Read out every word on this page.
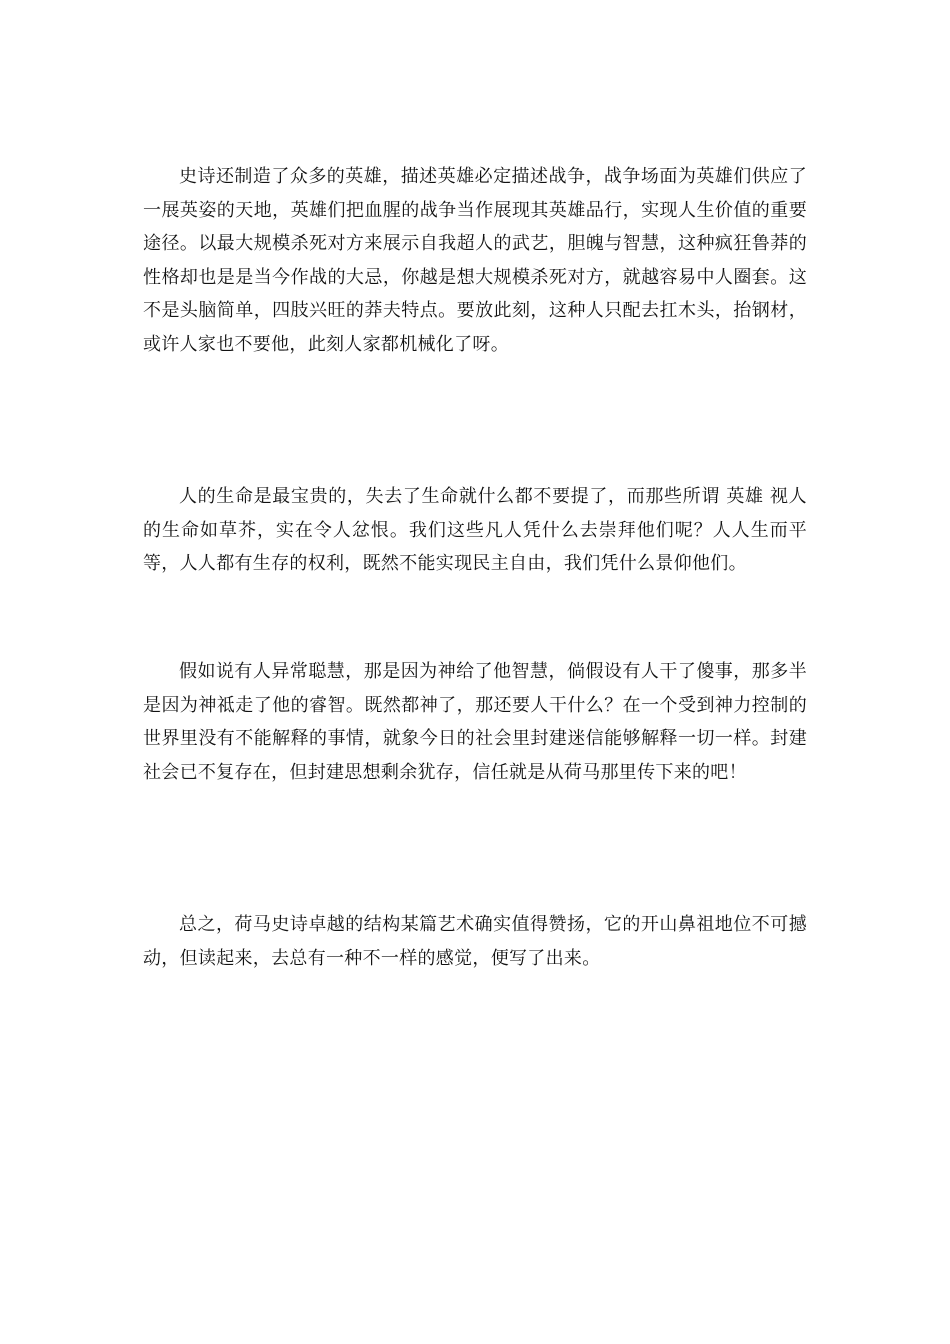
史诗还制造了众多的英雄，描述英雄必定描述战争，战争场面为英雄们供应了一展英姿的天地，英雄们把血腥的战争当作展现其英雄品行，实现人生价值的重要途径。以最大规模杀死对方来展示自我超人的武艺，胆魄与智慧，这种疯狂鲁莽的性格却也是是当今作战的大忌，你越是想大规模杀死对方，就越容易中人圈套。这不是头脑简单，四肢兴旺的莽夫特点。要放此刻，这种人只配去扛木头，抬钢材，或许人家也不要他，此刻人家都机械化了呀。

人的生命是最宝贵的，失去了生命就什么都不要提了，而那些所谓 英雄 视人的生命如草芥，实在令人忿恨。我们这些凡人凭什么去崇拜他们呢？人人生而平等，人人都有生存的权利，既然不能实现民主自由，我们凭什么景仰他们。

假如说有人异常聪慧，那是因为神给了他智慧，倘假设有人干了傻事，那多半是因为神祗走了他的睿智。既然都神了，那还要人干什么？在一个受到神力控制的世界里没有不能解释的事情，就象今日的社会里封建迷信能够解释一切一样。封建社会已不复存在，但封建思想剩余犹存，信任就是从荷马那里传下来的吧！

总之，荷马史诗卓越的结构某篇艺术确实值得赞扬，它的开山鼻祖地位不可撼动，但读起来，去总有一种不一样的感觉，便写了出来。
